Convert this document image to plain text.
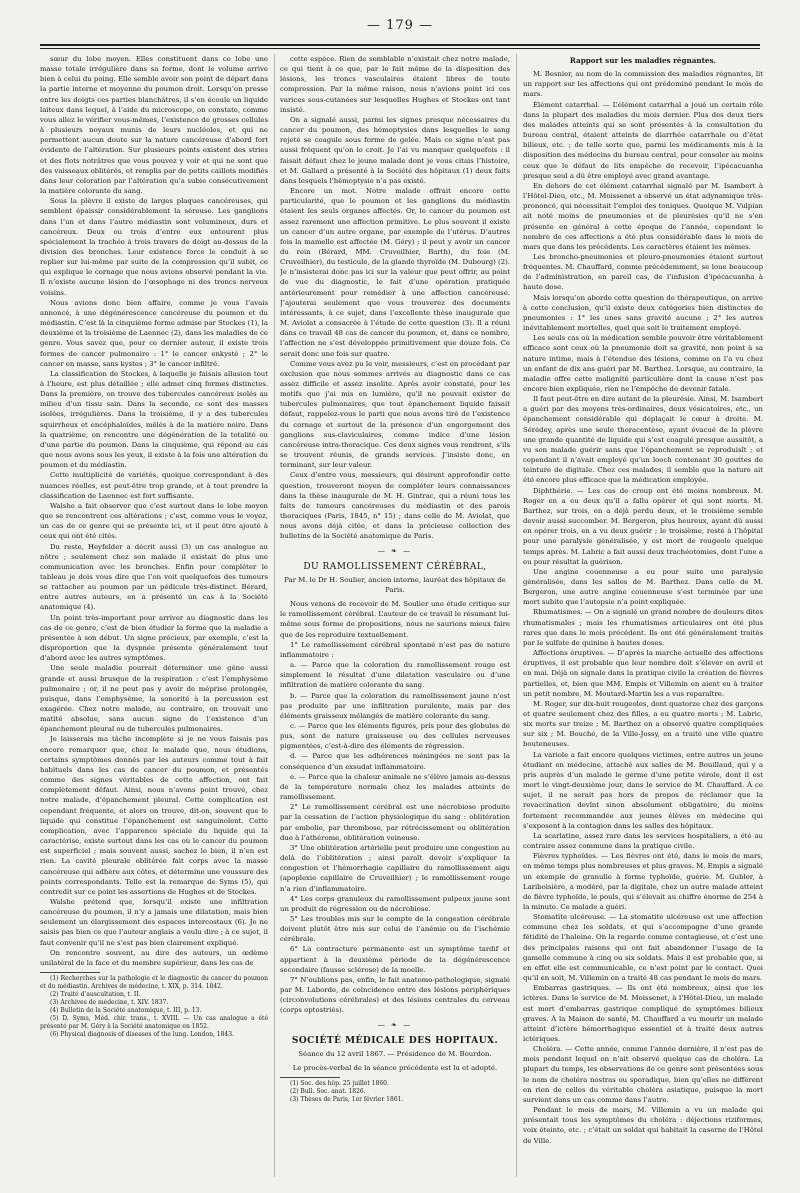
— 179 —

sœur du lobe moyen. Elles constituent dans ce lobe une masse totale irrégulière dans sa forme, dont le volume arrive bien à celui du poing. Elle semble avoir son point de départ dans la partie interne et moyenne du poumon droit. Lorsqu’on presse entre les doigts ces parties blanchâtres, il s’en écoule un liquide laiteux dans lequel, à l’aide du microscope, on constate, comme vous allez le vérifier vous-mêmes, l’existence de grosses cellules à plusieurs noyaux munis de leurs nucléoles, et qui ne permettent aucun doute sur la nature cancéreuse d’abord fort évidente de l’altération. Sur plusieurs points existent des stries et des flots notrâtres que vous pouvez y voir et qui ne sont que des vaisseaux oblitérés, et remplis par de petits caillots modifiés dans leur coloration par l’altération qu’a subie consécutivement la matière colorante du sang.

Sous la plèvre il existe de larges plaques cancéreuses, qui semblent épaissir considérablement la séreuse. Les ganglions dans l’un et dans l’autre médiastin sont volumineux, durs et cancéreux. Deux ou trois d’entre eux entourent plus spécialement la trachée à trois travers de doigt au-dessus de la division des bronches. Leur existence force le conduit à se replier sur lui-même par suite de la compression qu’il subit, ce qui explique le cornage que nous avions observé pendant la vie. Il n’existe aucune lésion de l’œsophage ni des troncs nerveux voisins.

Nous avions donc bien affaire, comme je vous l’avais annoncé, à une dégénérescence cancéreuse du poumon et du médiastin. C’est là la cinquième forme admise par Stockes (1), la deuxième et la troisième de Laennec (2), dans les maladies de ce genre. Vous savez que, pour ce dernier auteur, il existe trois formes de cancer pulmonaire : 1° le cancer enkysté ; 2° le cancer en masse, sans kystes ; 3° le cancer infiltré.

La classification de Stockes, à laquelle je faisais allusion tout à l’heure, est plus détaillée ; elle admet cinq formes distinctes. Dans la première, on trouve des tubercules cancéreux isolés au milieu d’un tissu sain. Dans la seconde, ce sont des masses isolées, irrégulières. Dans la troisième, il y a des tubercules squirrheux et encéphaloïdes, mêlés à de la matière noire. Dans la quatrième, on rencontre une dégénération de la totalité ou d’une partie du poumon. Dans la cinquième, qui répond au cas que nous avons sous les yeux, il existe à la fois une altération du poumon et du médiastin.

Cette multiplicité de variétés, quoique correspondant à des nuances réelles, est peut-être trop grande, et à tout prendre la classification de Laennec est fort suffisante.

Walshe a fait observer que c’est surtout dans le lobe moyen que se rencontrent ces altérations ; c’est, comme vous le voyez, un cas de ce genre qui se présente ici, et il peut être ajouté à ceux qui ont été cités.

Du reste, Heyfelder a décrit aussi (3) un cas analogue au nôtre ; seulement chez son malade il existait de plus une communication avec les bronches. Enfin pour compléter le tableau je dois vous dire que l’on voit quelquefois des tumeurs se rattacher au poumon par un pédicule très-distinct. Bérard, entre autres auteurs, en a présenté un cas à la Société anatomique (4).

Un point très-important pour arriver au diagnostic dans les cas de ce genre, c’est de bien étudier la forme que la maladie a présentée à son début. Un signe précieux, par exemple, c’est la disproportion que la dyspnée présente généralement tout d’abord avec les autres symptômes.

Une seule maladie pourrait déterminer une gêne aussi grande et aussi brusque de la respiration : c’est l’emphysème pulmonaire ; or, il ne peut pas y avoir de méprise prolongée, puisque, dans l’emphysème, la sonorité à la percussion est exagérée. Chez notre malade, au contraire, on trouvait une matité absolue, sans aucun signe de l’existence d’un épanchement pleural ou de tubercules pulmonaires.

Je laisserais ma tâche incomplète si je ne vous faisais pas encore remarquer que, chez le malade que, nous étudions, certains symptômes donnés par les auteurs comme tout à fait habituels dans les cas de cancer du poumon, et présentés comme des signes véritables de cette affection, ont fait complètement défaut. Ainsi, nous n’avons point trouvé, chez notre malade, d’épanchement pleural. Cette complication est cependant fréquente, et alors on trouve, dit-on, souvent que le liquide qui constitue l’épanchement est sanguinolent. Cette complication, avec l’apparence spéciale du liquide qui la caractérise, existe surtout dans les cas où le cancer du poumon est superficiel ; mais souvent aussi, sachez le bien, il n’en est rien. La cavité pleurale oblitérée fait corps avec la masse cancéreuse qui adhère aux côtes, et détermine une voussure des points correspondants. Telle est la remarque de Syms (5), qui contredit sur ce point les assertions de Hughes et de Stockes.

Walshe prétend que, lorsqu’il existe une infiltration cancéreuse du poumon, il n’y a jamais une dilatation, mais bien seulement un élargissement des espaces intercostaux (6). Je ne saisis pas bien ce que l’auteur anglais a voulu dire ; à ce sujet, il faut convenir qu’il ne s’est pas bien clairement expliqué.

On rencontre souvent, au dire des auteurs, un œdème unilatéral de la face et du membre supérieur, dans les cas de

(1) Recherches sur la pathologie et le diagnostic du cancer du poumon et du médiastin. Archives de médecine, t. XIX, p. 314. 1842.

(2) Traité d’auscultation, t. II.

(3) Archives de médecine, t. XIV. 1837.

(4) Bulletin de la Société anatomique, t. III, p. 13.

(5) D. Syms, Méd. chir. trans., t. XVIII. — Un cas analogue a été présenté par M. Géry à la Société anatomique en 1852.

(6) Physical diagnosis of diseases of the lung. London, 1843.

cette espèce. Rien de semblable n’existait chez notre malade, ce qui tient à ce que, par le fait même de la disposition des lésions, les troncs vasculaires étaient libres de toute compression. Par la même raison, nous n’avions point ici ces varices sous-cutanées sur lesquelles Hughes et Stockes ont tant insisté.

On a signalé aussi, parmi les signes presque nécessaires du cancer du poumon, des hémoptysies dans lesquelles le sang rejeté se coagule sous forme de gelée. Mais ce signe n’est pas aussi fréquent qu’on le croit. Je l’ai vu manquer quelquefois : il faisait défaut chez le jeune malade dont je vous citais l’histoire, et M. Gallard a présenté à la Société des hôpitaux (1) deux faits dans lesquels l’hémoptysie n’a pas existé.

Encore un mot. Notre malade offrait encore cette particularité, que le poumon et les ganglions du médiastin étaient les seuls organes affectés. Or, le cancer du poumon est assez rarement une affection primitive. Le plus souvent il existe un cancer d’un autre organe, par exemple de l’utérus. D’autres fois la mamelle est affectée (M. Géry) ; il peut y avoir un cancer du rein (Bérard, MM. Cruveilhier, Barth), du foie (M. Cruveilhier), du testicule, de la glande thyroïde (M. Dubourg) (2). Je n’insisterai donc pas ici sur la valeur que peut offrir, au point de vue du diagnostic, le fait d’une opération pratiquée antérieurement pour remédier à une affection cancéreuse. J’ajouterai seulement que vous trouverez des documents intéressants, à ce sujet, dans l’excellente thèse inaugurale que M. Aviolat a consacrée à l’étude de cette question (3). Il a réuni dans ce travail 48 cas de cancer du poumon, et, dans ce nombre, l’affection ne s’est développée primitivement que douze fois. Ce serait donc une fois sur quatre.

Comme vous avez pu le voir, messieurs, c’est en procédant par exclusion que nous sommes arrivés au diagnostic dans ce cas assez difficile et assez insolite. Après avoir constaté, pour les motifs que j’ai mis en lumière, qu’il ne pouvait exister de tubercules pulmonaires, que tout épanchement liquide faisait défaut, rappelez-vous le parti que nous avons tiré de l’existence du cornage et surtout de la présence d’un engorgement des ganglions sus-claviculaires, comme indice d’une lésion cancéreuse intra-thoracique. Ces deux signes vous rendront, s’ils se trouvent réunis, de grands services. J’insiste donc, en terminant, sur leur valeur.

Ceux d’entre vous, messieurs, qui désirent approfondir cette question, trouveront moyen de compléter leurs connaissances dans la thèse inaugurale de M. H. Gintrac, qui a réuni tous les faits de tumeurs cancéreuses du médiastin et des parois thoraciques (Paris, 1845, n° 15) ; dans celle de M. Aviolat, que nous avons déjà citée, et dans la précieuse collection des bulletins de la Société anatomique de Paris.

— ❧ —
DU RAMOLLISSEMENT CÉRÉBRAL,
Par M. le Dr H. Soulier, ancien interne, lauréat des hôpitaux de Paris.

Nous venons de recevoir de M. Soulier une étude critique sur le ramollissement cérébral. L’auteur de ce travail le résumant lui-même sous forme de propositions, nous ne saurions mieux faire que de les reproduire textuellement.

1° Le ramollissement cérébral spontané n’est pas de nature inflammatoire :

a. — Parce que la coloration du ramollissement rouge est simplement le résultat d’une dilatation vasculaire ou d’une infiltration de matière colorante du sang.

b. — Parce que la coloration du ramollissement jaune n’est pas produite par une infiltration purulente, mais par des éléments graisseux mélangés de matière colorante du sang.

c. — Parce que les éléments figurés, pris pour des globules de pus, sont de nature graisseuse ou des cellules nerveuses pigmentées, c’est-à-dire des éléments de régression.

d. — Parce que les adhérences méningées ne sont pas la conséquence d’un exsudat inflammatoire.

e. — Parce que la chaleur animale ne s’élève jamais au-dessus de la température normale chez les malades atteints de ramollissement.

2° Le ramollissement cérébral est une nécrobiose produite par la cessation de l’action physiologique du sang : oblitération par embolie, par thrombose, par rétrécissement ou oblitération due à l’athérome, oblitération veineuse.

3° Une oblitération artérielle peut produire une congestion au delà de l’oblitération ; ainsi paraît devoir s’expliquer la congestion et l’hémorrhagie capillaire du ramollissement aigu (apoplexie capillaire de Cruveilhier) ; le ramollissement rouge n’a rien d’inflammatoire.

4° Les corps granuleux du ramollissement pulpeux jaune sont un produit de régression ou de nécrobiose.

5° Les troubles mis sur le compte de la congestion cérébrale doivent plutôt être mis sur celui de l’anémie ou de l’ischémie cérébrale.

6° La contracture permanente est un symptôme tardif et appartient à la deuxième période de la dégénérescence secondaire (fausse sclérose) de la moelle.

7° N’oublions pas, enfin, le fait anatomo-pathologique, signalé par M. Laborde, de coïncidence entre des lésions périphériques (circonvolutions cérébrales) et des lésions centrales du cerveau (corps optostriés).

— ❧ —
SOCIÉTÉ MÉDICALE DES HOPITAUX.
Séance du 12 avril 1867. — Présidence de M. Bourdon.
Le procès-verbal de la séance précédente est lu et adopté.

(1) Soc. des hôp. 25 juillet 1860.

(2) Bull. Soc. anat. 1826.

(3) Thèses de Paris, 1er février 1861.

Rapport sur les maladies régnantes.

M. Besnier, au nom de la commission des maladies régnantes, lit un rapport sur les affections qui ont prédominé pendant le mois de mars.

Élément catarrhal. — L’élément catarrhal a joué un certain rôle dans la plupart des maladies du mois dernier. Plus des deux tiers des malades atteints qui se sont présentés à la consultation du bureau central, étaient atteints de diarrhée catarrhale ou d’état bilieux, etc. ; de telle sorte que, parmi les médicaments mis à la disposition des médecins du bureau central, pour consoler au moins ceux que le défaut de lits empêche de recevoir, l’ipécacuanha presque seul a dû être employé avec grand avantage.

En dehors de cet élément catarrhal signalé par M. Isambert à l’Hôtel-Dieu, etc., M. Moissenet a observé un état adynamique très-prononcé, qui nécessitait l’emploi des toniques. Quoique M. Vulpian ait noté moins de pneumonies et de pleurésies qu’il ne s’en présente en général à cette époque de l’année, cependant le nombre de ces affections a été plus considérable dans le mois de mars que dans les précédents. Les caractères étaient les mêmes.

Les broncho-pneumonies et pleuro-pneumonies étaient surtout fréquentes. M. Chauffard, comme précédemment, se loue beaucoup de l’administration, en pareil cas, de l’infusion d’ipécacuanha à haute dose.

Mais lorsqu’on aborde cette question de thérapeutique, on arrive à cette conclusion, qu’il existe deux catégories bien distinctes de pneumonies : 1° les unes sans gravité aucune ; 2° les autres inévitablement mortelles, quel que soit le traitement employé.

Les seuls cas où la médication semble pouvoir être véritablement efficace sont ceux où la pneumonie doit sa gravité, non point à sa nature intime, mais à l’étendue des lésions, comme on l’a vu chez un enfant de dix ans guéri par M. Barthez. Lorsque, au contraire, la maladie offre cette malignité particulière dont la cause n’est pas encore bien expliquée, rien ne l’empêche de devenir fatale.

Il faut peut-être en dire autant de la pleurésie. Ainsi, M. Isambert a guéri par des moyens très-ordinaires, deux vésicatoires, etc., un épanchement considérable qui déplaçait le cœur à droite. M. Sérédey, après une seule thoracentèse, ayant évacué de la plèvre une grande quantité de liquide qui s’est coagulé presque aussitôt, a vu son malade guérir sans que l’épanchement se reproduisît ; et cependant il n’avait employé qu’un looch contenant 30 gouttes de teinture de digitale. Chez ces malades, il semble que la nature ait été encore plus efficace que la médication employée.

Diphthérie. — Les cas de croup ont été moins nombreux. M. Roger en a eu deux qu’il a fallu opérer et qui sont morts. M. Barthez, sur trois, en a déjà perdu deux, et le troisième semble devoir aussi succomber. M. Bergeron, plus heureux, ayant dû aussi en opérer trois, en a vu deux guérir ; le troisième, resté à l’hôpital pour une paralysie généralisée, y est mort de rougeole quelque temps après. M. Labric a fait aussi deux trachéotomies, dont l’une a eu pour résultat la guérison.

Une angine couenneuse a eu pour suite une paralysie généralisée, dans les salles de M. Barthez. Dans celle de M. Bergeron, une autre angine couenneuse s’est terminée par une mort subite que l’autopsie n’a point expliquée.

Rhumatismes. — On a signalé un grand nombre de douleurs dites rhumatismales ; mais les rhumatismes articulaires ont été plus rares que dans le mois précédent. Ils ont été généralement traités par le sulfate de quinine à hautes doses.

Affections éruptives. — D’après la marche actuelle des affections éruptives, il est probable que leur nombre doit s’élever en avril et en mai. Déjà on signale dans la pratique civile la création de fièvres partielles, et, bien que MM. Empis et Villemin en aient eu à traiter un petit nombre, M. Moutard-Martin les a vus reparaître.

M. Roger, sur dix-huit rougeoles, dont quatorze chez des garçons et quatre seulement chez des filles, a eu quatre morts ; M. Labric, six morts sur treize ; M. Barthez en a observé quatre compliquées sur six ; M. Bouché, de la Ville-Jossy, en a traité une ville quatre bouteneuses.

La variole a fait encore quelques victimes, entre autres un jeune étudiant en médecine, attaché aux salles de M. Bouillaud, qui y a pris auprès d’un malade le germe d’une petite vérole, dont il est mort le vingt-deuxième jour, dans le service de M. Chauffard. À ce sujet, il ne serait pas hors de propos de réclamer que la revaccination devînt sinon absolument obligatoire, du moins fortement recommandée aux jeunes élèves en médecine qui s’exposent à la contagion dans les salles des hôpitaux.

La scarlatine, assez rare dans les services hospitaliers, a été au contraire assez commune dans la pratique civile.

Fièvres typhoïdes. — Les fièvres ont été, dans le mois de mars, en même temps plus nombreuses et plus graves. M. Empis a signalé un exemple de granulie à forme typhoïde, guérie. M. Gubler, à Lariboisière, a modéré, par la digitale, chez un autre malade atteint de fièvre typhoïde, le pouls, qui s’élevait au chiffre énorme de 254 à la minute. Ce malade a guéri.

Stomatite ulcéreuse. — La stomatite ulcéreuse est une affection commune chez les soldats, et qui s’accompagne d’une grande fétidité de l’haleine. On la regarde comme contagieuse, et c’est une des principales raisons qui ont fait abandonner l’usage de la gamelle commune à cinq ou six soldats. Mais il est probable que, si en effet elle est communicable, ce n’est point par le contact. Quoi qu’il en soit, M. Villemin en a traité 48 cas pendant le mois de mars.

Embarras gastriques. — Ils ont été nombreux, ainsi que les ictères. Dans le service de M. Moissenet, à l’Hôtel-Dieu, un malade est mort d’embarras gastrique compliqué de symptômes bilieux graves. À la Maison de santé, M. Chauffard a vu mourir un malade atteint d’ictère hémorrhagique essentiel et à traité deux autres ictériques.

Choléra. — Cette année, comme l’année dernière, il n’est pas de mois pendant lequel on n’ait observé quelque cas de choléra. La plupart du temps, les observations de ce genre sont présentées sous le nom de choléra nostras ou sporadique, bien qu’elles ne diffèrent en rien de celles du véritable choléra asiatique, puisque la mort survient dans un cas comme dans l’autre.

Pendant le mois de mars, M. Villemin a vu un malade qui présentait tous les symptômes du choléra : déjections riziformes, voix éteinte, etc. ; c’était un soldat qui habitait la caserne de l’Hôtel de Ville.
